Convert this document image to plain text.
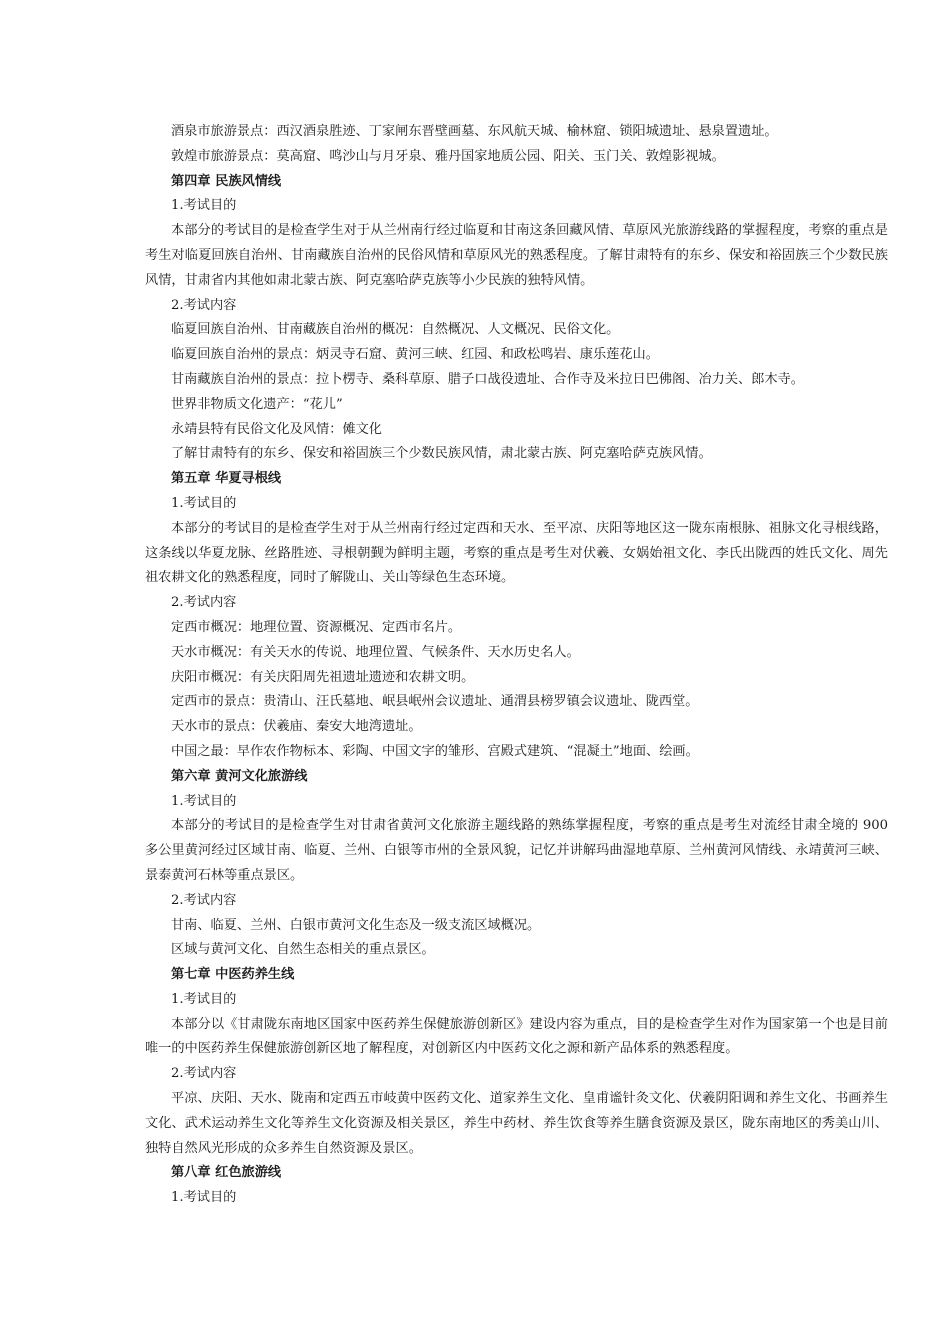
酒泉市旅游景点：西汉酒泉胜迹、丁家闸东晋壁画墓、东风航天城、榆林窟、锁阳城遗址、悬泉置遗址。

敦煌市旅游景点：莫高窟、鸣沙山与月牙泉、雅丹国家地质公园、阳关、玉门关、敦煌影视城。

第四章 民族风情线

1.考试目的

本部分的考试目的是检查学生对于从兰州南行经过临夏和甘南这条回藏风情、草原风光旅游线路的掌握程度，考察的重点是考生对临夏回族自治州、甘南藏族自治州的民俗风情和草原风光的熟悉程度。了解甘肃特有的东乡、保安和裕固族三个少数民族风情，甘肃省内其他如肃北蒙古族、阿克塞哈萨克族等小少民族的独特风情。

2.考试内容

临夏回族自治州、甘南藏族自治州的概况：自然概况、人文概况、民俗文化。

临夏回族自治州的景点：炳灵寺石窟、黄河三峡、红园、和政松鸣岩、康乐莲花山。

甘南藏族自治州的景点：拉卜楞寺、桑科草原、腊子口战役遗址、合作寺及米拉日巴佛阁、冶力关、郎木寺。

世界非物质文化遗产：“花儿”

永靖县特有民俗文化及风情：傩文化

了解甘肃特有的东乡、保安和裕固族三个少数民族风情，肃北蒙古族、阿克塞哈萨克族风情。

第五章 华夏寻根线

1.考试目的

本部分的考试目的是检查学生对于从兰州南行经过定西和天水、至平凉、庆阳等地区这一陇东南根脉、祖脉文化寻根线路，这条线以华夏龙脉、丝路胜迹、寻根朝觐为鲜明主题，考察的重点是考生对伏羲、女娲始祖文化、李氏出陇西的姓氏文化、周先祖农耕文化的熟悉程度，同时了解陇山、关山等绿色生态环境。

2.考试内容

定西市概况：地理位置、资源概况、定西市名片。

天水市概况：有关天水的传说、地理位置、气候条件、天水历史名人。

庆阳市概况：有关庆阳周先祖遗址遗迹和农耕文明。

定西市的景点：贵清山、汪氏墓地、岷县岷州会议遗址、通渭县榜罗镇会议遗址、陇西堂。

天水市的景点：伏羲庙、秦安大地湾遗址。

中国之最：早作农作物标本、彩陶、中国文字的雏形、宫殿式建筑、“混凝土”地面、绘画。

第六章 黄河文化旅游线

1.考试目的

本部分的考试目的是检查学生对甘肃省黄河文化旅游主题线路的熟练掌握程度，考察的重点是考生对流经甘肃全境的 900 多公里黄河经过区域甘南、临夏、兰州、白银等市州的全景风貌，记忆并讲解玛曲湿地草原、兰州黄河风情线、永靖黄河三峡、景泰黄河石林等重点景区。

2.考试内容

甘南、临夏、兰州、白银市黄河文化生态及一级支流区域概况。

区域与黄河文化、自然生态相关的重点景区。

第七章 中医药养生线

1.考试目的

本部分以《甘肃陇东南地区国家中医药养生保健旅游创新区》建设内容为重点，目的是检查学生对作为国家第一个也是目前唯一的中医药养生保健旅游创新区地了解程度，对创新区内中医药文化之源和新产品体系的熟悉程度。

2.考试内容

平凉、庆阳、天水、陇南和定西五市岐黄中医药文化、道家养生文化、皇甫谧针灸文化、伏羲阴阳调和养生文化、书画养生文化、武术运动养生文化等养生文化资源及相关景区，养生中药材、养生饮食等养生膳食资源及景区，陇东南地区的秀美山川、独特自然风光形成的众多养生自然资源及景区。

第八章 红色旅游线

1.考试目的
